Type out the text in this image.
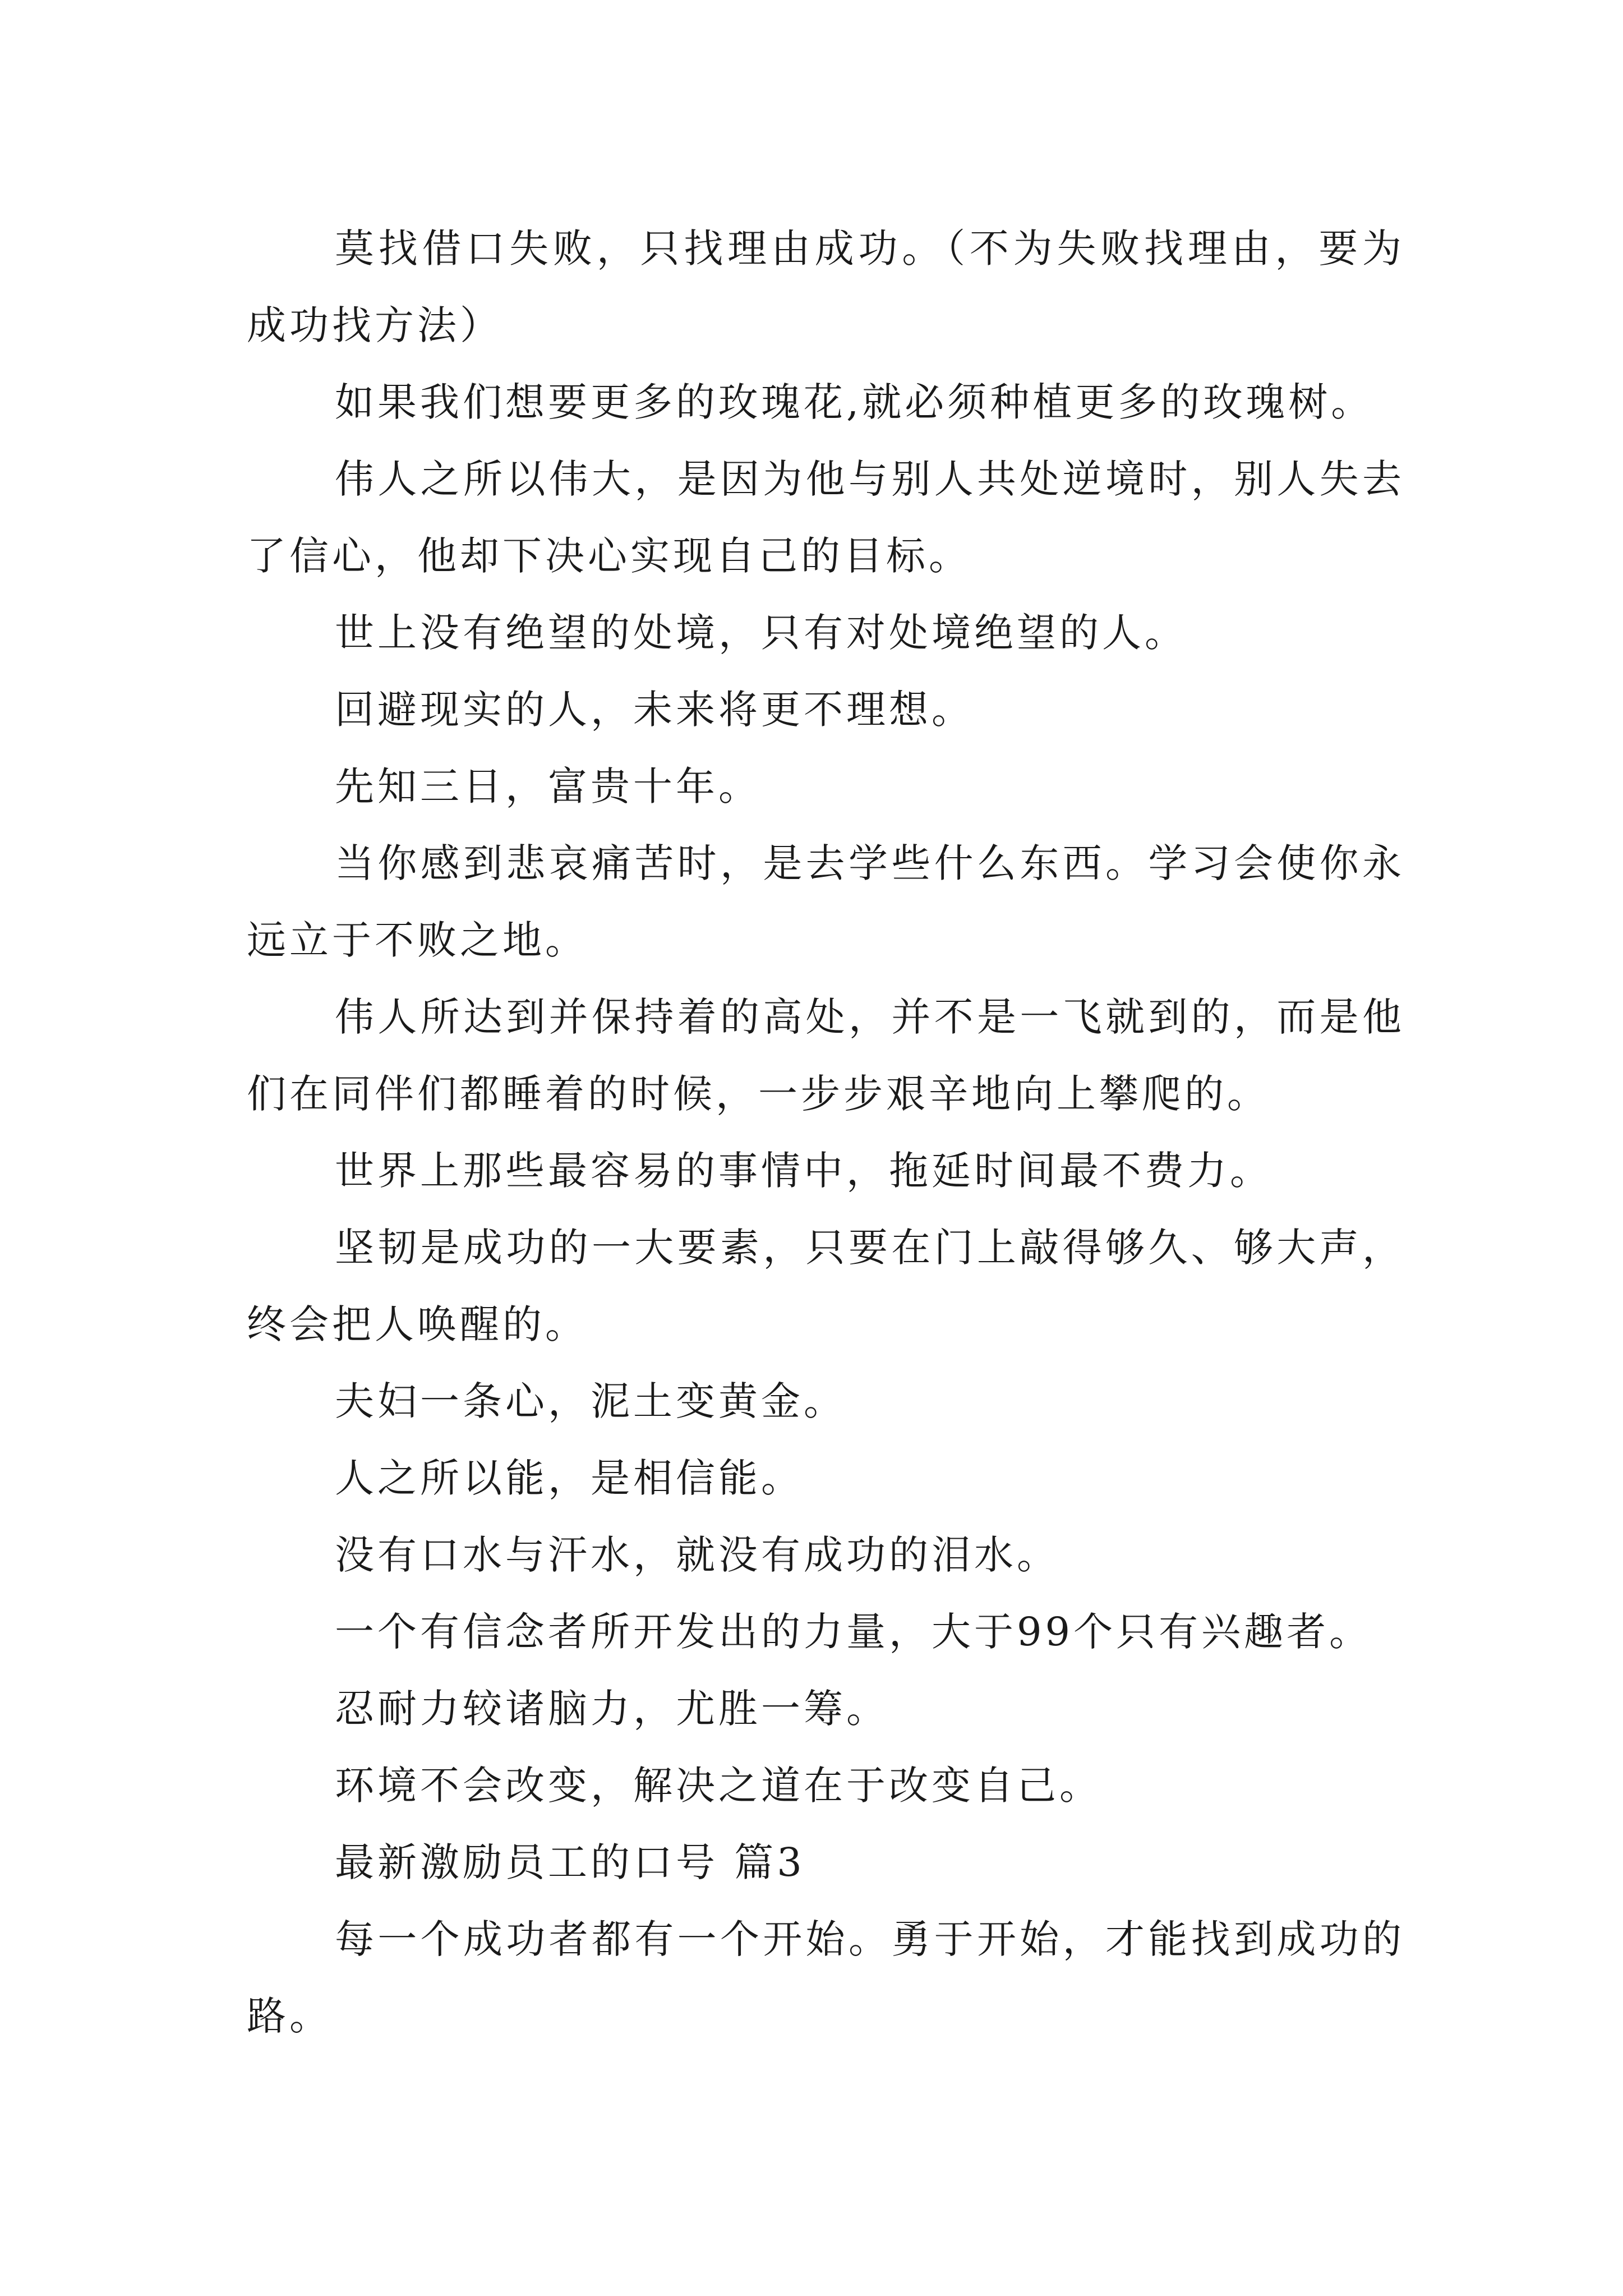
莫找借口失败，只找理由成功。（不为失败找理由，要为成功找方法）

如果我们想要更多的玫瑰花,就必须种植更多的玫瑰树。

伟人之所以伟大，是因为他与别人共处逆境时，别人失去了信心，他却下决心实现自己的目标。

世上没有绝望的处境，只有对处境绝望的人。

回避现实的人，未来将更不理想。

先知三日，富贵十年。

当你感到悲哀痛苦时，是去学些什么东西。学习会使你永远立于不败之地。

伟人所达到并保持着的高处，并不是一飞就到的，而是他们在同伴们都睡着的时候，一步步艰辛地向上攀爬的。

世界上那些最容易的事情中，拖延时间最不费力。

坚韧是成功的一大要素，只要在门上敲得够久、够大声，终会把人唤醒的。

夫妇一条心，泥土变黄金。

人之所以能，是相信能。

没有口水与汗水，就没有成功的泪水。

一个有信念者所开发出的力量，大于99个只有兴趣者。

忍耐力较诸脑力，尤胜一筹。

环境不会改变，解决之道在于改变自己。

最新激励员工的口号 篇3

每一个成功者都有一个开始。勇于开始，才能找到成功的路。
